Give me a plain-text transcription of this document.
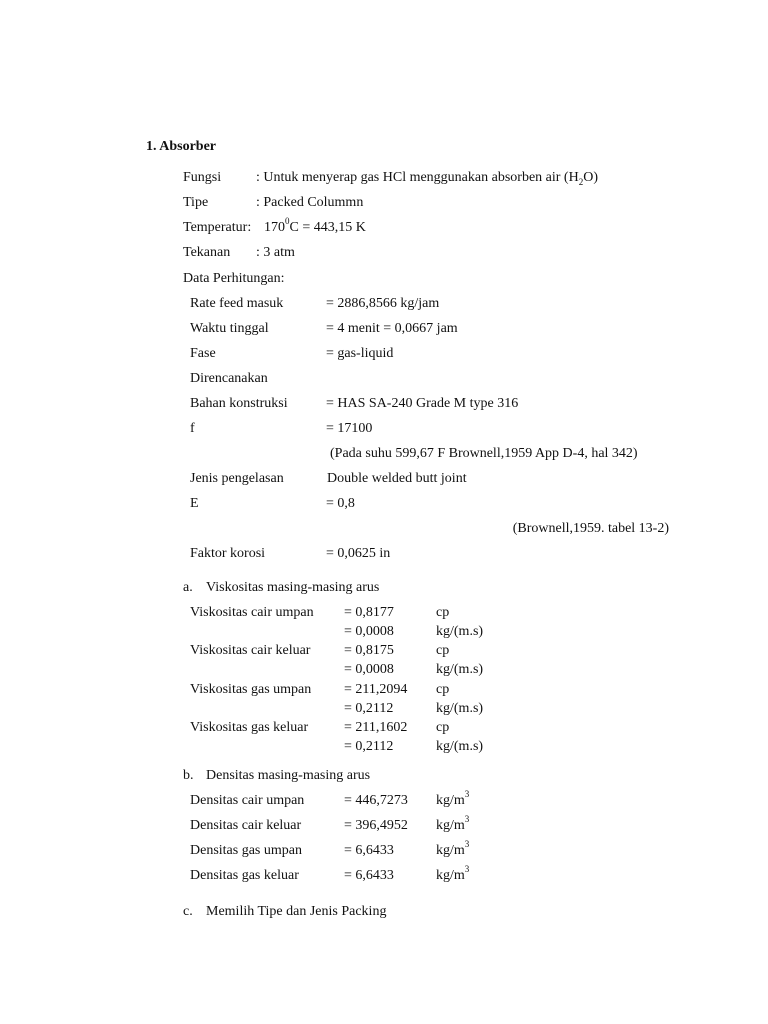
1. Absorber
Fungsi : Untuk menyerap gas HCl menggunakan absorben air $(H_2O)$
Tipe	: Packed Colummn
Temperatur: $170^0C = 443,15$ K
Tekanan : 3 atm
Data Perhitungan:
Rate feed masuk	= 2886,8566 kg/jam
Waktu tinggal	= 4 menit = 0,0667 jam
Fase	= gas-liquid
Direncanakan
Bahan konstruksi	= HAS SA-240 Grade M type 316
f	= 17100
(Pada suhu 599,67 F Brownell,1959 App D-4, hal 342)
Jenis pengelasan	Double welded butt joint
E	= 0,8
(Brownell,1959. tabel 13-2)
Faktor korosi	= 0,0625 in
a. Viskositas masing-masing arus
Viskositas cair umpan = 0,8177	cp
= 0,0008	kg/(m.s)
Viskositas cair keluar = 0,8175	cp
= 0,0008	kg/(m.s)
Viskositas gas umpan = 211,2094 cp
= 0,2112	kg/(m.s)
Viskositas gas keluar	= 211,1602 cp
= 0,2112	kg/(m.s)
b. Densitas masing-masing arus
Densitas cair umpan	= 446,7273 $kg/m^3$
Densitas cair keluar	= 396,4952 $kg/m^3$
Densitas gas umpan	= 6,6433	$kg/m^3$
Densitas gas keluar	= 6,6433	$kg/m^3$
c. Memilih Tipe dan Jenis Packing
